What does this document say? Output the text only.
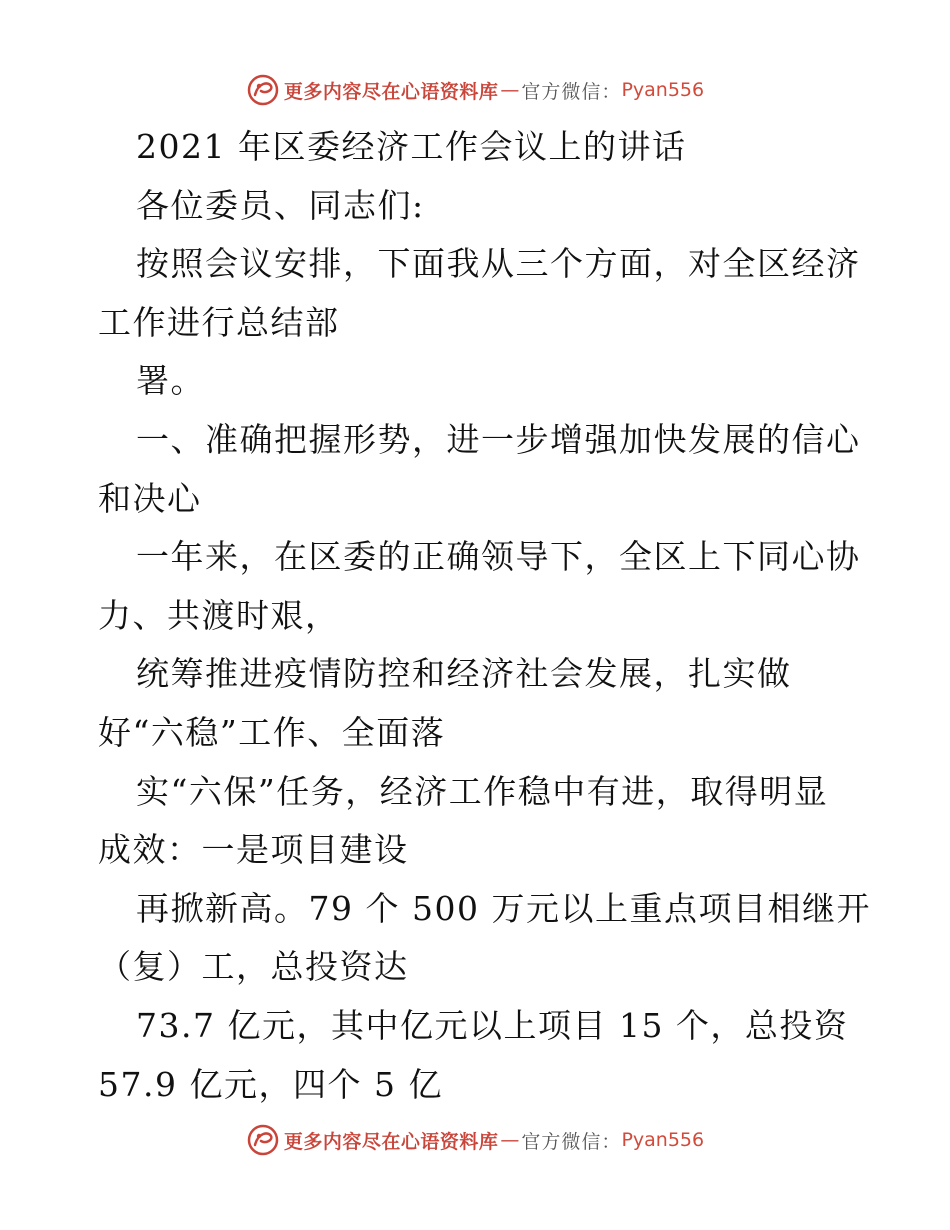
更多内容尽在心语资料库 — 官方微信： Pyan556
2021 年区委经济工作会议上的讲话
各位委员、同志们:
按照会议安排，下面我从三个方面，对全区经济
工作进行总结部
署。
一、准确把握形势，进一步增强加快发展的信心
和决心
一年来，在区委的正确领导下，全区上下同心协
力、共渡时艰，
统筹推进疫情防控和经济社会发展，扎实做
好“六稳”工作、全面落
实“六保”任务，经济工作稳中有进，取得明显
成效：一是项目建设
再掀新高。79 个 500 万元以上重点项目相继开
（复）工，总投资达
73.7 亿元，其中亿元以上项目 15 个，总投资
57.9 亿元，四个 5 亿
更多内容尽在心语资料库 — 官方微信： Pyan556
